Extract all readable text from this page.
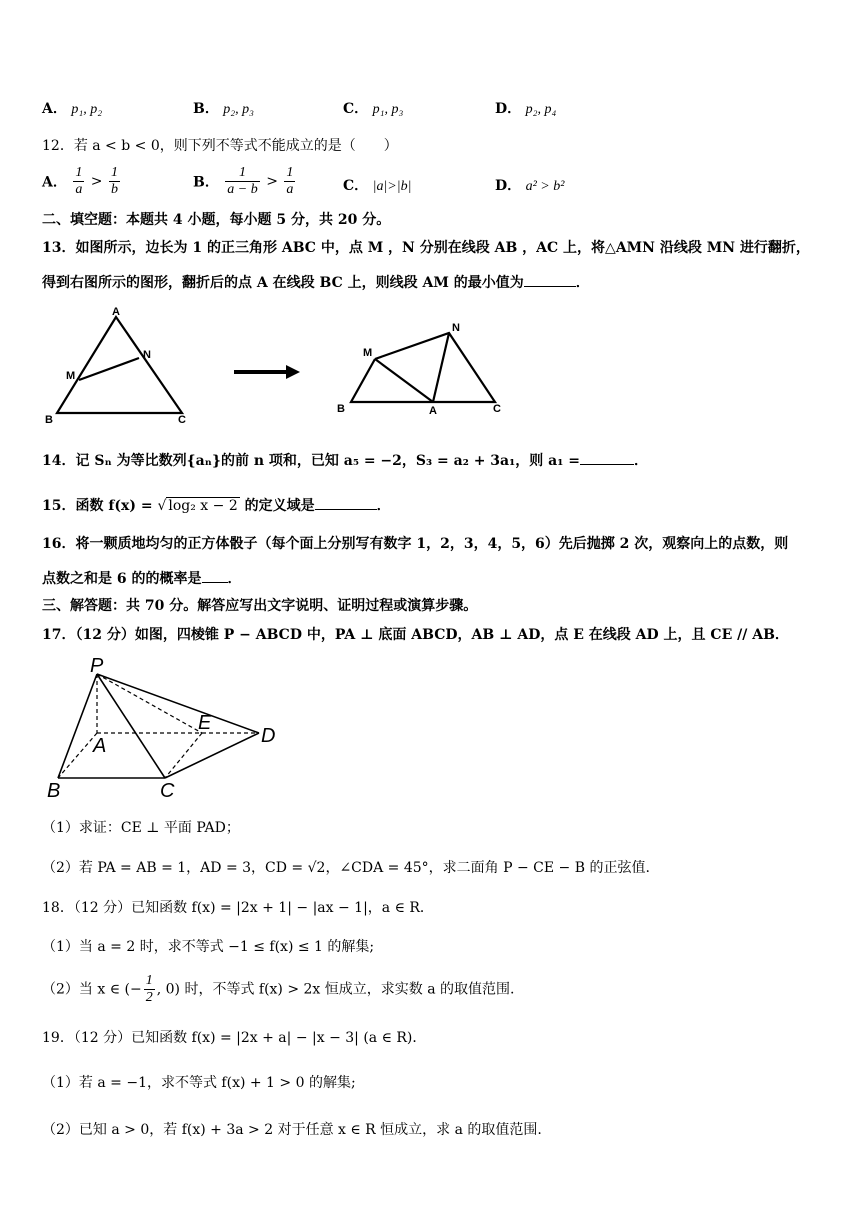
A． p₁, p₂	B． p₂, p₃	C． p₁, p₃	D． p₂, p₄
12．若 a < b < 0，则下列不等式不能成立的是（　　）
A． $\frac{1}{a} > \frac{1}{b}$	B． $\frac{1}{a - b} > \frac{1}{a}$	C． |a|>|b|	D． a² > b²
二、填空题：本题共 4 小题，每小题 5 分，共 20 分。
13．如图所示，边长为 1 的正三角形 ABC 中，点 M ，N 分别在线段 AB ，AC 上，将△AMN 沿线段 MN 进行翻折，
得到右图所示的图形，翻折后的点 A 在线段 BC 上，则线段 AM 的最小值为	．
A
M
N
B	C
M
N
B	A	C
14．记 Sₙ 为等比数列{aₙ}的前 n 项和，已知 a₅ = −2，S₃ = a₂ + 3a₁，则 a₁ =	．
15．函数 f(x) = √ log₂ x − 2 的定义域是	．
16．将一颗质地均匀的正方体骰子（每个面上分别写有数字 1，2，3，4，5，6）先后抛掷 2 次，观察向上的点数，则
点数之和是 6 的的概率是 ．
三、解答题：共 70 分。解答应写出文字说明、证明过程或演算步骤。
17．（12 分）如图，四棱锥 P − ABCD 中，PA ⊥ 底面 ABCD，AB ⊥ AD，点 E 在线段 AD 上，且 CE // AB．
P
A
E
D
B	C
（1）求证：CE ⊥ 平面 PAD；
（2）若 PA = AB = 1，AD = 3，CD = √2，∠CDA = 45°，求二面角 P − CE − B 的正弦值.
18．（12 分）已知函数 f(x) = |2x + 1| − |ax − 1|，a ∈ R．
（1）当 a = 2 时，求不等式 −1 ≤ f(x) ≤ 1 的解集;
（2）当 x ∈ (− $\frac{1}{2}$ , 0) 时，不等式 f(x) > 2x 恒成立，求实数 a 的取值范围.
19．（12 分）已知函数 f(x) = |2x + a| − |x − 3| (a ∈ R)．
（1）若 a = −1，求不等式 f(x) + 1 > 0 的解集;
（2）已知 a > 0，若 f(x) + 3a > 2 对于任意 x ∈ R 恒成立，求 a 的取值范围.
